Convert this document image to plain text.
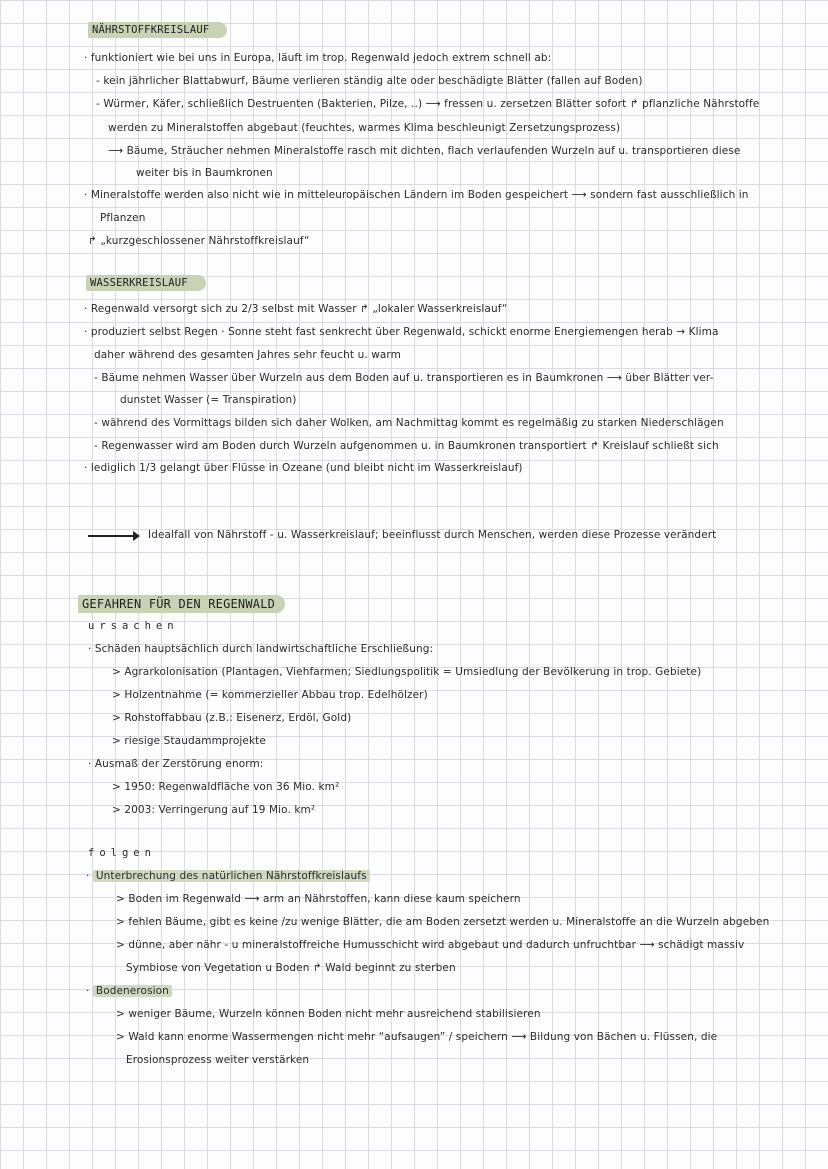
NÄHRSTOFFKREISLAUF
· funktioniert wie bei uns in Europa, läuft im trop. Regenwald jedoch extrem schnell ab:
- kein jährlicher Blattabwurf, Bäume verlieren ständig alte oder beschädigte Blätter (fallen auf Boden)
- Würmer, Käfer, schließlich Destruenten (Bakterien, Pilze, ..) ⟶ fressen u. zersetzen Blätter sofort ↱ pflanzliche Nährstoffe
werden zu Mineralstoffen abgebaut (feuchtes, warmes Klima beschleunigt Zersetzungsprozess)
⟶ Bäume, Sträucher nehmen Mineralstoffe rasch mit dichten, flach verlaufenden Wurzeln auf u. transportieren diese
weiter bis in Baumkronen
· Mineralstoffe werden also nicht wie in mitteleuropäischen Ländern im Boden gespeichert ⟶ sondern fast ausschließlich in
Pflanzen
↱ „kurzgeschlossener Nährstoffkreislauf“
WASSERKREISLAUF
· Regenwald versorgt sich zu 2/3 selbst mit Wasser ↱ „lokaler Wasserkreislauf“
· produziert selbst Regen · Sonne steht fast senkrecht über Regenwald, schickt enorme Energiemengen herab → Klima
daher während des gesamten Jahres sehr feucht u. warm
- Bäume nehmen Wasser über Wurzeln aus dem Boden auf u. transportieren es in Baumkronen ⟶ über Blätter ver-
dunstet Wasser (= Transpiration)
- während des Vormittags bilden sich daher Wolken, am Nachmittag kommt es regelmäßig zu starken Niederschlägen
- Regenwasser wird am Boden durch Wurzeln aufgenommen u. in Baumkronen transportiert ↱ Kreislauf schließt sich
· lediglich 1/3 gelangt über Flüsse in Ozeane (und bleibt nicht im Wasserkreislauf)
Idealfall von Nährstoff - u. Wasserkreislauf; beeinflusst durch Menschen, werden diese Prozesse verändert
GEFAHREN FÜR DEN REGENWALD
ursachen
· Schäden hauptsächlich durch landwirtschaftliche Erschließung:
> Agrarkolonisation (Plantagen, Viehfarmen; Siedlungspolitik = Umsiedlung der Bevölkerung in trop. Gebiete)
> Holzentnahme (= kommerzieller Abbau trop. Edelhölzer)
> Rohstoffabbau (z.B.: Eisenerz, Erdöl, Gold)
> riesige Staudammprojekte
· Ausmaß der Zerstörung enorm:
> 1950: Regenwaldfläche von 36 Mio. km²
> 2003: Verringerung auf 19 Mio. km²
folgen
· Unterbrechung des natürlichen Nährstoffkreislaufs
> Boden im Regenwald ⟶ arm an Nährstoffen, kann diese kaum speichern
> fehlen Bäume, gibt es keine /zu wenige Blätter, die am Boden zersetzt werden u. Mineralstoffe an die Wurzeln abgeben
> dünne, aber nähr - u mineralstoffreiche Humusschicht wird abgebaut und dadurch unfruchtbar ⟶ schädigt massiv
Symbiose von Vegetation u Boden ↱ Wald beginnt zu sterben
· Bodenerosion
> weniger Bäume, Wurzeln können Boden nicht mehr ausreichend stabilisieren
> Wald kann enorme Wassermengen nicht mehr “aufsaugen” / speichern ⟶ Bildung von Bächen u. Flüssen, die
Erosionsprozess weiter verstärken
